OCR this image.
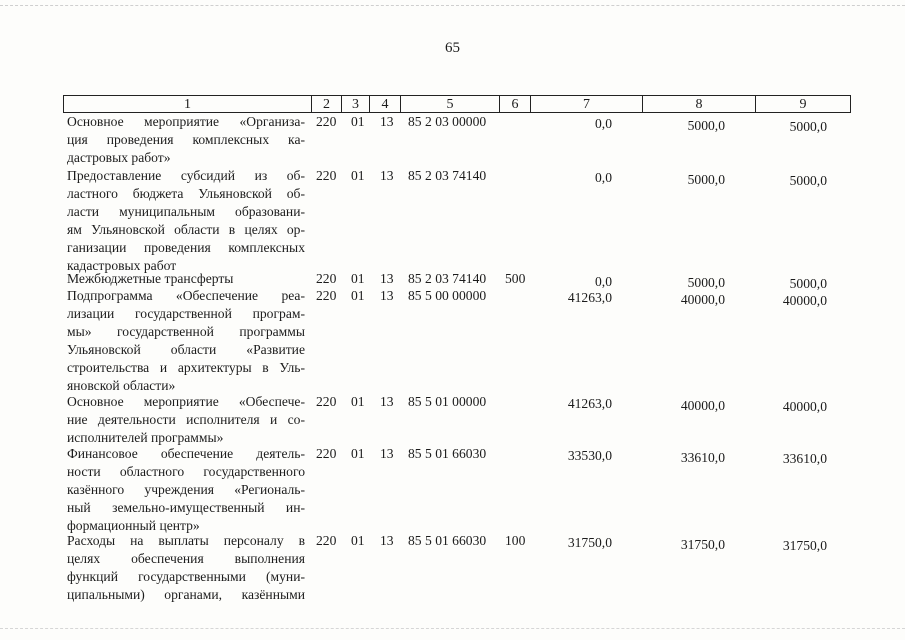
65
1	2	3	4	5	6	7	8	9
Основное мероприятие «Организа-
ция проведения комплексных ка-
дастровых работ»
220 01 13 85 2 03 00000	0,0	5000,0	5000,0
Предоставление субсидий из об-
ластного бюджета Ульяновской об-
ласти муниципальным образовани-
ям Ульяновской области в целях ор-
ганизации проведения комплексных
кадастровых работ
220 01 13 85 2 03 74140	0,0	5000,0	5000,0
Межбюджетные трансферты	220 01 13 85 2 03 74140 500	0,0	5000,0	5000,0
Подпрограмма «Обеспечение реа-
лизации государственной програм-
мы» государственной программы
Ульяновской области «Развитие
строительства и архитектуры в Уль-
яновской области»
220 01 13 85 5 00 00000	41263,0	40000,0	40000,0
Основное мероприятие «Обеспече-
ние деятельности исполнителя и со-
исполнителей программы»
220 01 13 85 5 01 00000	41263,0	40000,0	40000,0
Финансовое обеспечение деятель-
ности областного государственного
казённого учреждения «Региональ-
ный земельно-имущественный ин-
формационный центр»
220 01 13 85 5 01 66030	33530,0	33610,0	33610,0
Расходы на выплаты персоналу в
целях обеспечения выполнения
функций государственными (муни-
ципальными) органами, казёнными
220 01 13 85 5 01 66030 100	31750,0	31750,0	31750,0
